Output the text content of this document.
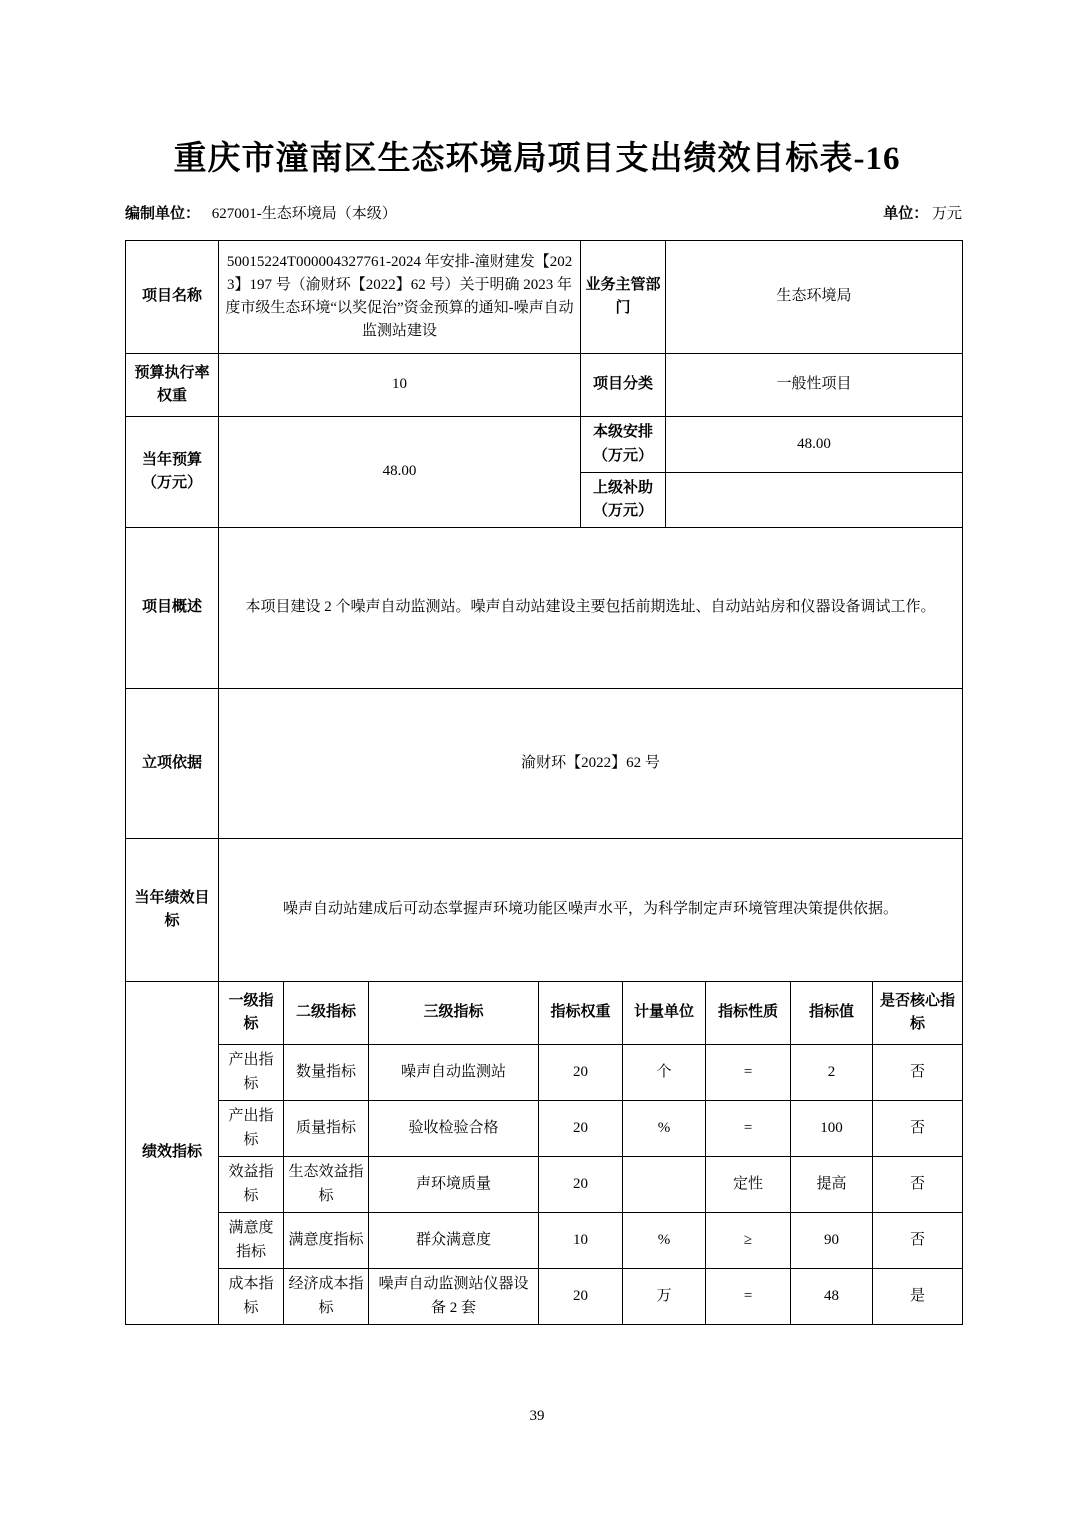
重庆市潼南区生态环境局项目支出绩效目标表-16
编制单位： 627001-生态环境局（本级）	单位： 万元
项目名称	50015224T000004327761-2024 年安排-潼财建发【2023】197 号（渝财环【2022】62 号）关于明确 2023 年度市级生态环境“以奖促治”资金预算的通知-噪声自动监测站建设				业务主管部门		生态环境局			
预算执行率权重	10				项目分类		一般性项目			
当年预算（万元）	48.00				本级安排（万元）		48.00			
					上级补助（万元）					
项目概述	本项目建设 2 个噪声自动监测站。噪声自动站建设主要包括前期选址、自动站站房和仪器设备调试工作。									
立项依据	渝财环【2022】62 号									
当年绩效目标	噪声自动站建成后可动态掌握声环境功能区噪声水平，为科学制定声环境管理决策提供依据。									
绩效指标	一级指标	二级指标	三级指标	指标权重		计量单位		指标性质	指标值	是否核心指标
	产出指标	数量指标	噪声自动监测站	20		个		=	2	否
	产出指标	质量指标	验收检验合格	20		%		=	100	否
	效益指标	生态效益指标	声环境质量	20				定性	提高	否
	满意度指标	满意度指标	群众满意度	10		%		≥	90	否
	成本指标	经济成本指标	噪声自动监测站仪器设备 2 套	20		万		=	48	是
39
